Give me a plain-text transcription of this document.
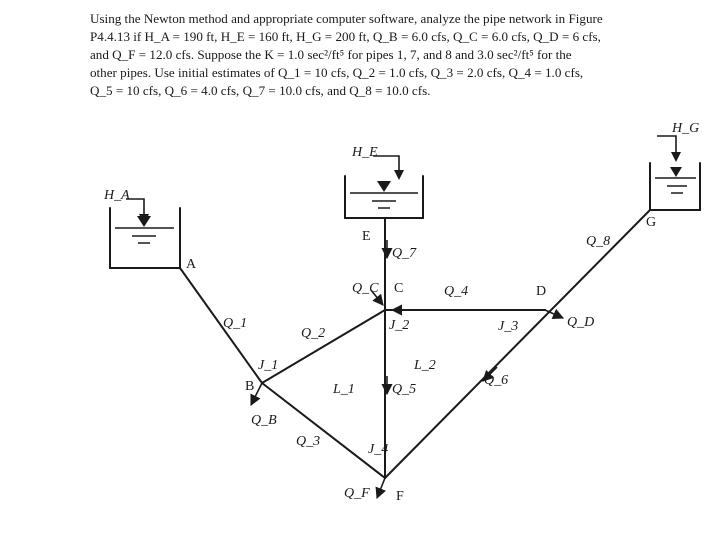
Using the Newton method and appropriate computer software, analyze the pipe network in Figure
P4.4.13 if H_A = 190 ft, H_E = 160 ft, H_G = 200 ft, Q_B = 6.0 cfs, Q_C = 6.0 cfs, Q_D = 6 cfs,
and Q_F = 12.0 cfs. Suppose the K = 1.0 sec²/ft⁵ for pipes 1, 7, and 8 and 3.0 sec²/ft⁵ for the
other pipes. Use initial estimates of Q_1 = 10 cfs, Q_2 = 1.0 cfs, Q_3 = 2.0 cfs, Q_4 = 1.0 cfs,
Q_5 = 10 cfs, Q_6 = 4.0 cfs, Q_7 = 10.0 cfs, and Q_8 = 10.0 cfs.
H_A
H_E
H_G
A
B
C	D
E
F
G
J_1
J_2	J_3
J_4
L_1
L_2
Q_1
Q_2
Q_3
Q_4
Q_5
Q_6
Q_7
Q_8
Q_B
Q_C
Q_D
Q_F
